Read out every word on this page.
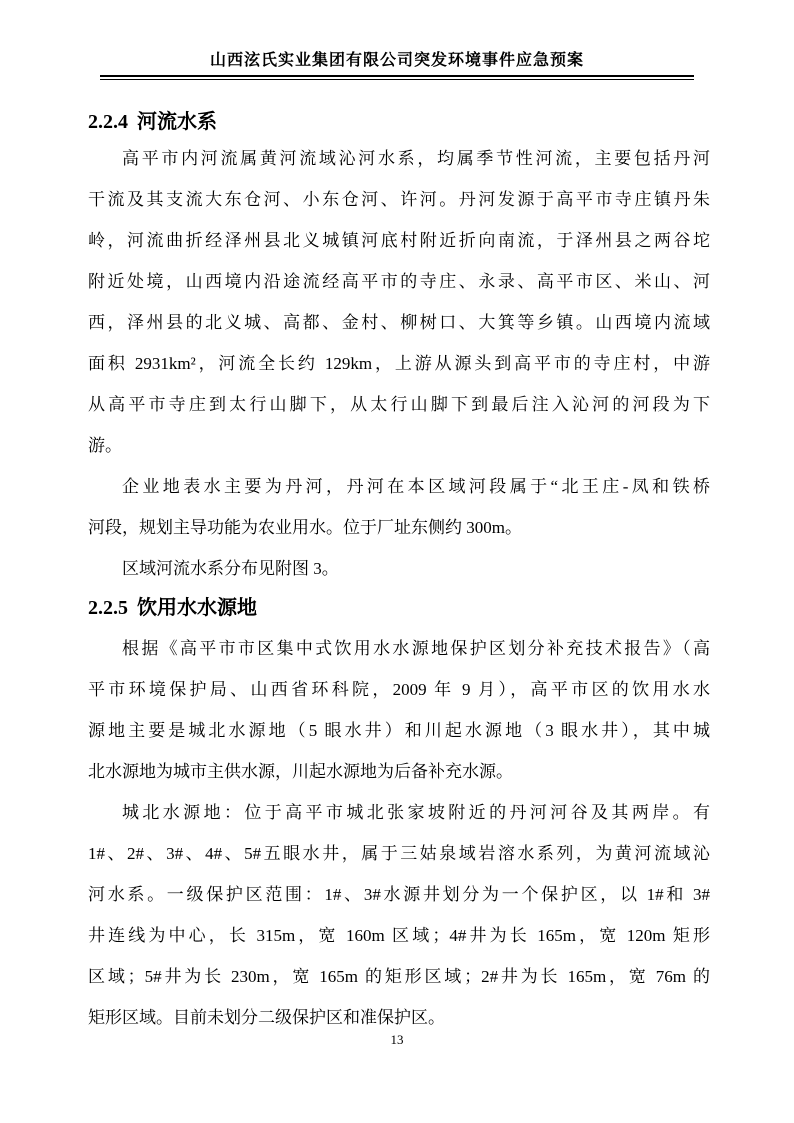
山西泫氏实业集团有限公司突发环境事件应急预案
2.2.4 河流水系
高平市内河流属黄河流域沁河水系，均属季节性河流，主要包括丹河
干流及其支流大东仓河、小东仓河、许河。丹河发源于高平市寺庄镇丹朱
岭，河流曲折经泽州县北义城镇河底村附近折向南流，于泽州县之两谷坨
附近处境，山西境内沿途流经高平市的寺庄、永录、高平市区、米山、河
西，泽州县的北义城、高都、金村、柳树口、大箕等乡镇。山西境内流域
面积 2931km²，河流全长约 129km，上游从源头到高平市的寺庄村，中游
从高平市寺庄到太行山脚下，从太行山脚下到最后注入沁河的河段为下
游。
企业地表水主要为丹河，丹河在本区域河段属于“北王庄-凤和铁桥
河段，规划主导功能为农业用水。位于厂址东侧约 300m。
区域河流水系分布见附图 3。
2.2.5 饮用水水源地
根据《高平市市区集中式饮用水水源地保护区划分补充技术报告》（高
平市环境保护局、山西省环科院，2009 年 9 月），高平市区的饮用水水
源地主要是城北水源地（5 眼水井）和川起水源地（3 眼水井），其中城
北水源地为城市主供水源，川起水源地为后备补充水源。
城北水源地：位于高平市城北张家坡附近的丹河河谷及其两岸。有
1#、2#、3#、4#、5#五眼水井，属于三姑泉域岩溶水系列，为黄河流域沁
河水系。一级保护区范围：1#、3#水源井划分为一个保护区，以 1#和 3#
井连线为中心，长 315m，宽 160m 区域；4#井为长 165m，宽 120m 矩形
区域；5#井为长 230m，宽 165m 的矩形区域；2#井为长 165m，宽 76m 的
矩形区域。目前未划分二级保护区和准保护区。
13
